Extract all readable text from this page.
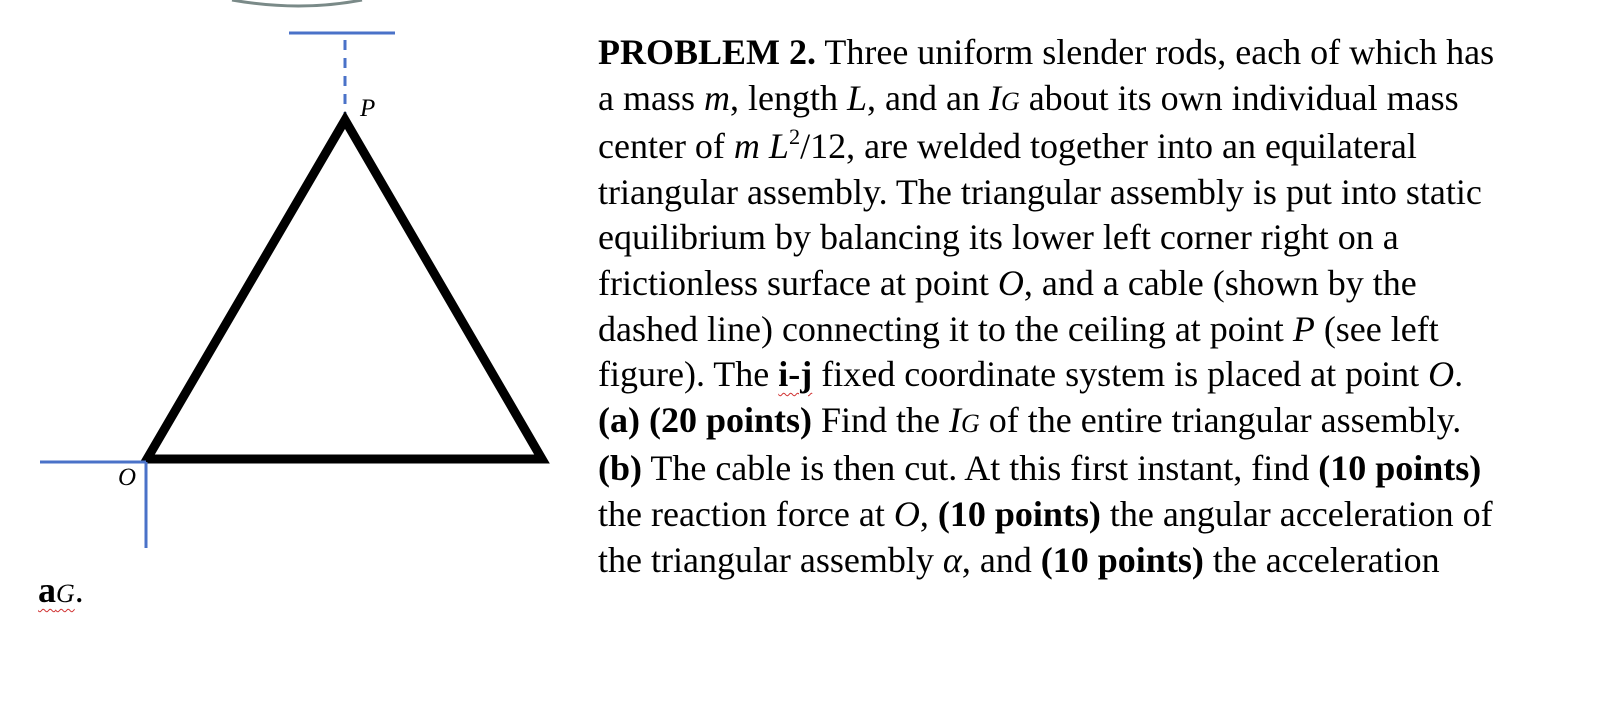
P
O
PROBLEM 2. Three uniform slender rods, each of which has
a mass m, length L, and an IG about its own individual mass
center of m $L^2/12$, are welded together into an equilateral
triangular assembly. The triangular assembly is put into static
equilibrium by balancing its lower left corner right on a
frictionless surface at point O, and a cable (shown by the
dashed line) connecting it to the ceiling at point P (see left
figure). The i-j fixed coordinate system is placed at point O.
(a) (20 points) Find the IG of the entire triangular assembly.
(b) The cable is then cut. At this first instant, find (10 points)
the reaction force at O, (10 points) the angular acceleration of
the triangular assembly α, and (10 points) the acceleration
aG.
